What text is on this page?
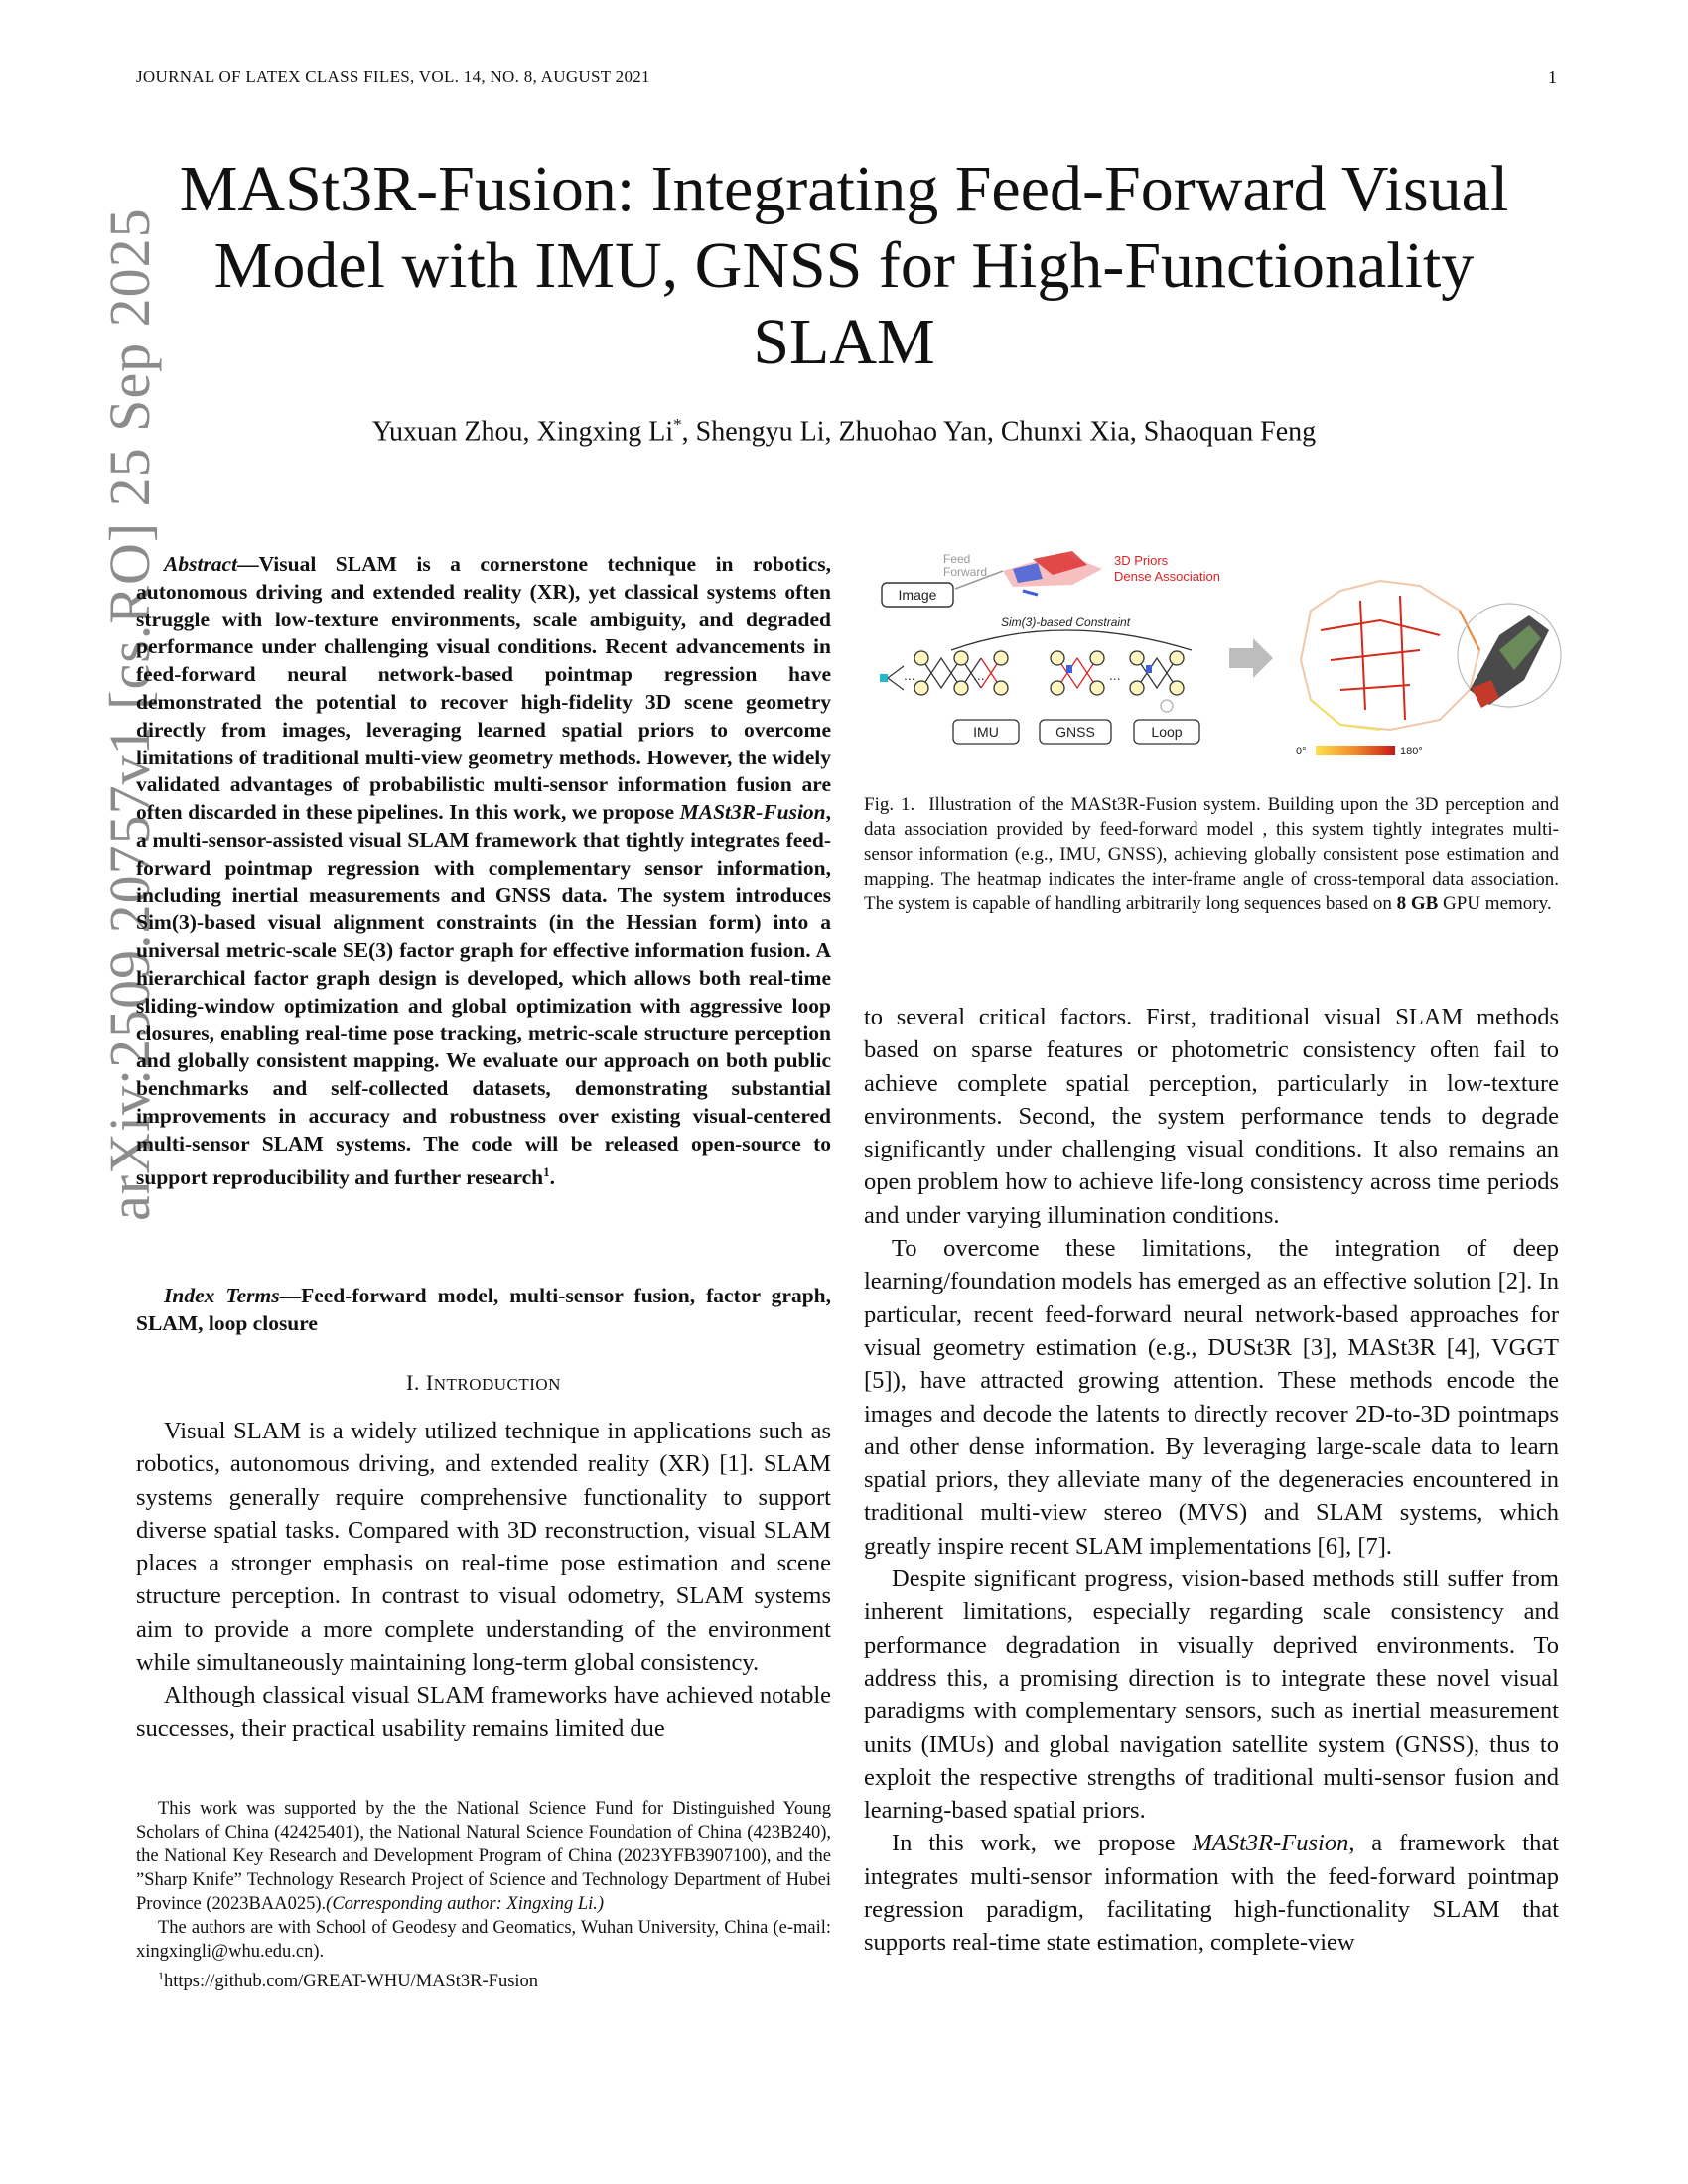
JOURNAL OF LATEX CLASS FILES, VOL. 14, NO. 8, AUGUST 2021	1
MASt3R-Fusion: Integrating Feed-Forward Visual Model with IMU, GNSS for High-Functionality SLAM
Yuxuan Zhou, Xingxing Li*, Shengyu Li, Zhuohao Yan, Chunxi Xia, Shaoquan Feng
arXiv:2509.20757v1 [cs.RO] 25 Sep 2025 Abstract—Visual SLAM is a cornerstone technique in robotics, autonomous driving and extended reality (XR), yet classical systems often struggle with low-texture environments, scale ambiguity, and degraded performance under challenging visual conditions. Recent advancements in feed-forward neural network-based pointmap regression have demonstrated the potential to recover high-fidelity 3D scene geometry directly from images, leveraging learned spatial priors to overcome limitations of traditional multi-view geometry methods. However, the widely validated advantages of probabilistic multi-sensor information fusion are often discarded in these pipelines. In this work, we propose MASt3R-Fusion, a multi-sensor-assisted visual SLAM framework that tightly integrates feed-forward pointmap regression with complementary sensor information, including inertial measurements and GNSS data. The system introduces Sim(3)-based visual alignment constraints (in the Hessian form) into a universal metric-scale SE(3) factor graph for effective information fusion. A hierarchical factor graph design is developed, which allows both real-time sliding-window optimization and global optimization with aggressive loop closures, enabling real-time pose tracking, metric-scale structure perception and globally consistent mapping. We evaluate our approach on both public benchmarks and self-collected datasets, demonstrating substantial improvements in accuracy and robustness over existing visual-centered multi-sensor SLAM systems. The code will be released open-source to support reproducibility and further research$^1$.

Index Terms—Feed-forward model, multi-sensor fusion, factor graph, SLAM, loop closure

I. INTRODUCTION

Visual SLAM is a widely utilized technique in applications such as robotics, autonomous driving, and extended reality (XR) [1]. SLAM systems generally require comprehensive functionality to support diverse spatial tasks. Compared with 3D reconstruction, visual SLAM places a stronger emphasis on real-time pose estimation and scene structure perception. In contrast to visual odometry, SLAM systems aim to provide a more complete understanding of the environment while simultaneously maintaining long-term global consistency.

Although classical visual SLAM frameworks have achieved notable successes, their practical usability remains limited due

This work was supported by the the National Science Fund for Distinguished Young Scholars of China (42425401), the National Natural Science Foundation of China (423B240), the National Key Research and Development Program of China (2023YFB3907100), and the ”Sharp Knife” Technology Research Project of Science and Technology Department of Hubei Province (2023BAA025).(Corresponding author: Xingxing Li.)

The authors are with School of Geodesy and Geomatics, Wuhan University, China (e-mail: xingxingli@whu.edu.cn).

$^1$https://github.com/GREAT-WHU/MASt3R-Fusion

Image
Feed
Forward
3D Priors
Dense Association
Sim(3)-based Constraint
...	...	...
IMU	GNSS	Loop
0°	180°
Fig. 1. Illustration of the MASt3R-Fusion system. Building upon the 3D perception and data association provided by feed-forward model , this system tightly integrates multi-sensor information (e.g., IMU, GNSS), achieving globally consistent pose estimation and mapping. The heatmap indicates the inter-frame angle of cross-temporal data association. The system is capable of handling arbitrarily long sequences based on 8 GB GPU memory.

to several critical factors. First, traditional visual SLAM methods based on sparse features or photometric consistency often fail to achieve complete spatial perception, particularly in low-texture environments. Second, the system performance tends to degrade significantly under challenging visual conditions. It also remains an open problem how to achieve life-long consistency across time periods and under varying illumination conditions.

To overcome these limitations, the integration of deep learning/foundation models has emerged as an effective solution [2]. In particular, recent feed-forward neural network-based approaches for visual geometry estimation (e.g., DUSt3R [3], MASt3R [4], VGGT [5]), have attracted growing attention. These methods encode the images and decode the latents to directly recover 2D-to-3D pointmaps and other dense information. By leveraging large-scale data to learn spatial priors, they alleviate many of the degeneracies encountered in traditional multi-view stereo (MVS) and SLAM systems, which greatly inspire recent SLAM implementations [6], [7].

Despite significant progress, vision-based methods still suffer from inherent limitations, especially regarding scale consistency and performance degradation in visually deprived environments. To address this, a promising direction is to integrate these novel visual paradigms with complementary sensors, such as inertial measurement units (IMUs) and global navigation satellite system (GNSS), thus to exploit the respective strengths of traditional multi-sensor fusion and learning-based spatial priors.

In this work, we propose MASt3R-Fusion, a framework that integrates multi-sensor information with the feed-forward pointmap regression paradigm, facilitating high-functionality SLAM that supports real-time state estimation, complete-view
